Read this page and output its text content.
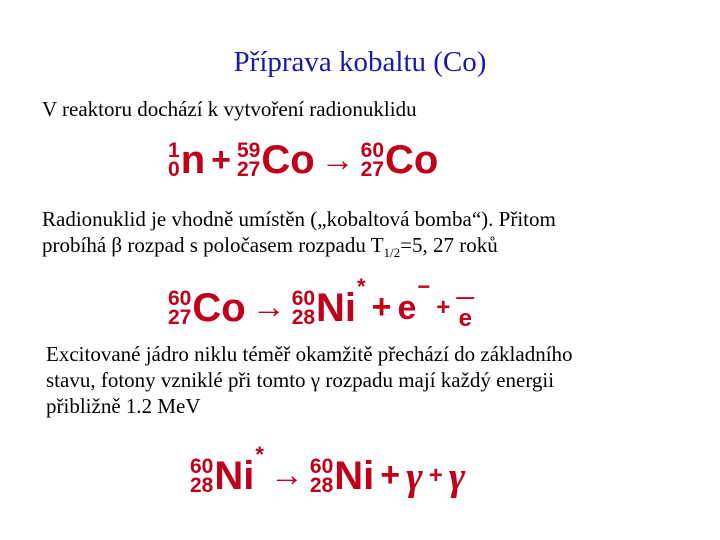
Příprava kobaltu (Co)
V reaktoru dochází k vytvoření radionuklidu
1
0 n + 59
27 Co → 60
27 Co
Radionuklid je vhodně umístěn („kobaltová bomba“). Přitom
probíhá β rozpad s poločasem rozpadu $T_{1/2}=5$, 27 roků
60
27 Co → 60
28 Ni*+ e−+ —
e
Excitované jádro niklu téměř okamžitě přechází do základního
stavu, fotony vzniklé při tomto γ rozpadu mají každý energii
přibližně 1.2 MeV
60
28 Ni*→ 60
28 Ni + γ + γ
